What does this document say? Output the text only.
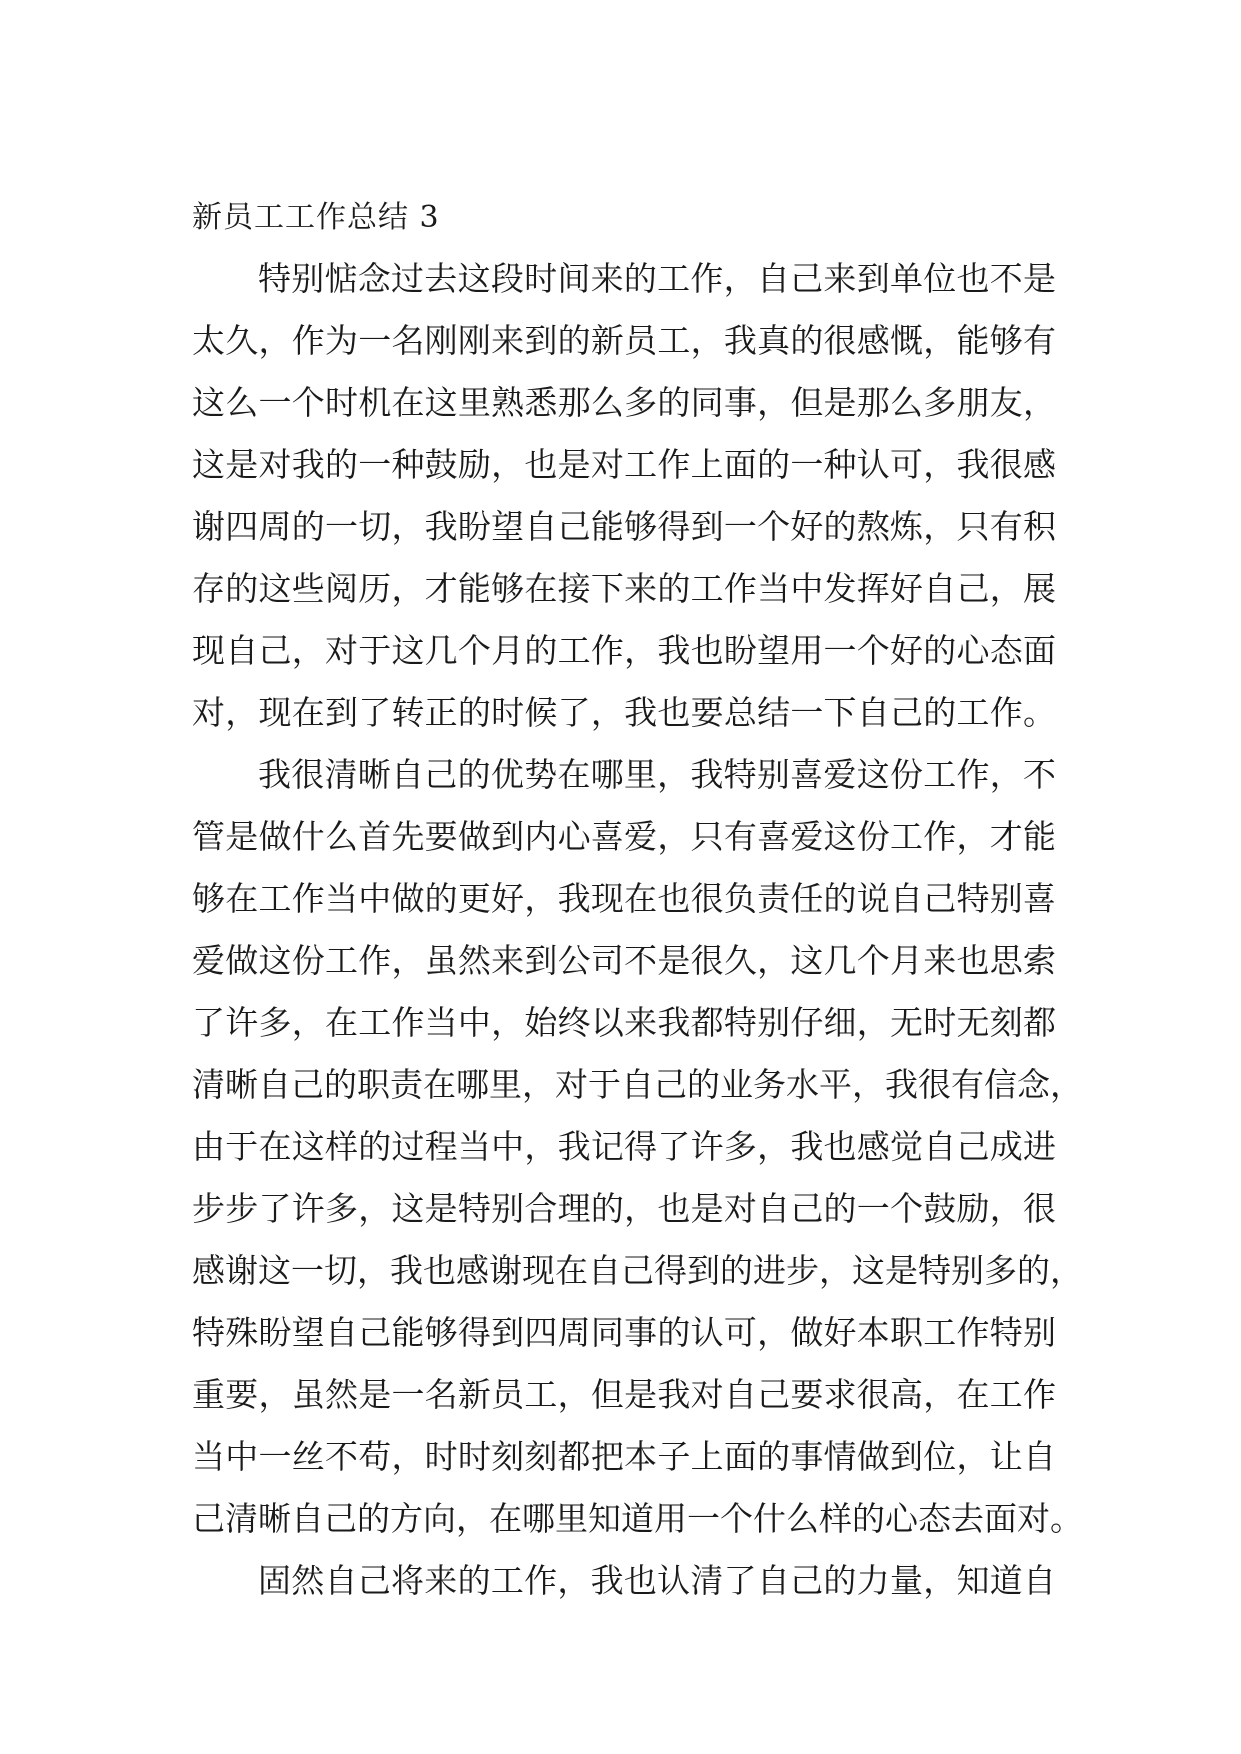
新员工工作总结 3
特别惦念过去这段时间来的工作，自己来到单位也不是
太久，作为一名刚刚来到的新员工，我真的很感慨，能够有
这么一个时机在这里熟悉那么多的同事，但是那么多朋友，
这是对我的一种鼓励，也是对工作上面的一种认可，我很感
谢四周的一切，我盼望自己能够得到一个好的熬炼，只有积
存的这些阅历，才能够在接下来的工作当中发挥好自己，展
现自己，对于这几个月的工作，我也盼望用一个好的心态面
对，现在到了转正的时候了，我也要总结一下自己的工作。
我很清晰自己的优势在哪里，我特别喜爱这份工作，不
管是做什么首先要做到内心喜爱，只有喜爱这份工作，才能
够在工作当中做的更好，我现在也很负责任的说自己特别喜
爱做这份工作，虽然来到公司不是很久，这几个月来也思索
了许多，在工作当中，始终以来我都特别仔细，无时无刻都
清晰自己的职责在哪里，对于自己的业务水平，我很有信念，
由于在这样的过程当中，我记得了许多，我也感觉自己成进
步步了许多，这是特别合理的，也是对自己的一个鼓励，很
感谢这一切，我也感谢现在自己得到的进步，这是特别多的，
特殊盼望自己能够得到四周同事的认可，做好本职工作特别
重要，虽然是一名新员工，但是我对自己要求很高，在工作
当中一丝不苟，时时刻刻都把本子上面的事情做到位，让自
己清晰自己的方向，在哪里知道用一个什么样的心态去面对。
固然自己将来的工作，我也认清了自己的力量，知道自
